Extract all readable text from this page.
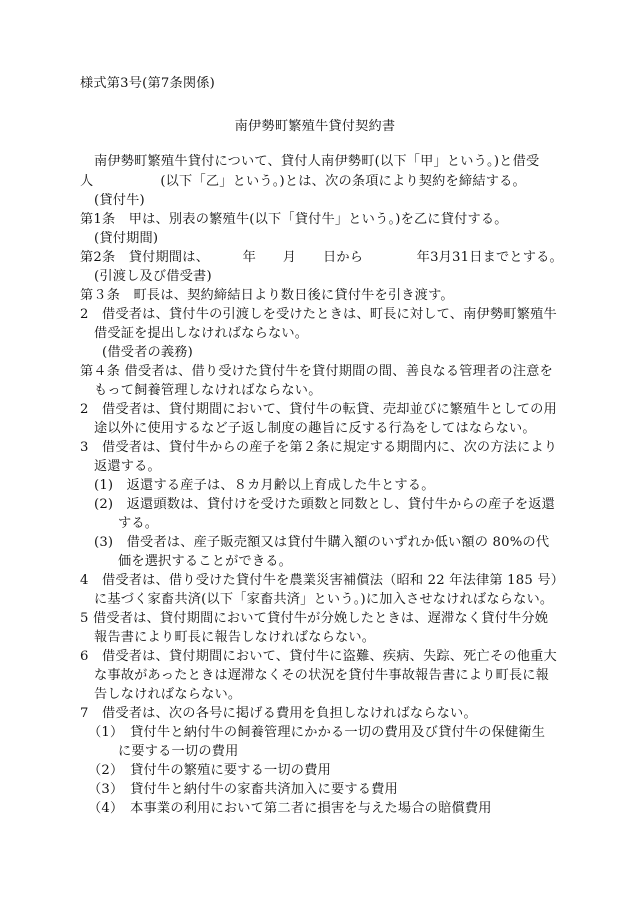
様式第3号(第7条関係)
南伊勢町繁殖牛貸付契約書
南伊勢町繁殖牛貸付について、貸付人南伊勢町(以下「甲」という。)と借受
人　　　　　(以下「乙」という。)とは、次の条項により契約を締結する。
(貸付牛)
第1条　甲は、別表の繁殖牛(以下「貸付牛」という。)を乙に貸付する。
(貸付期間)
第2条　貸付期間は、　　　年　　月　　日から　　　　年3月31日までとする。
(引渡し及び借受書)
第３条　町長は、契約締結日より数日後に貸付牛を引き渡す。
2　借受者は、貸付牛の引渡しを受けたときは、町長に対して、南伊勢町繁殖牛
借受証を提出しなければならない。
(借受者の義務)
第４条 借受者は、借り受けた貸付牛を貸付期間の間、善良なる管理者の注意を
もって飼養管理しなければならない。
2　借受者は、貸付期間において、貸付牛の転貸、売却並びに繁殖牛としての用
途以外に使用するなど子返し制度の趣旨に反する行為をしてはならない。
3　借受者は、貸付牛からの産子を第２条に規定する期間内に、次の方法により
返還する。
(1)　返還する産子は、８カ月齢以上育成した牛とする。
(2)　返還頭数は、貸付けを受けた頭数と同数とし、貸付牛からの産子を返還
する。
(3)　借受者は、産子販売額又は貸付牛購入額のいずれか低い額の 80%の代
価を選択することができる。
4　借受者は、借り受けた貸付牛を農業災害補償法（昭和 22 年法律第 185 号）
に基づく家畜共済(以下「家畜共済」という。)に加入させなければならない。
5 借受者は、貸付期間において貸付牛が分娩したときは、遅滞なく貸付牛分娩
報告書により町長に報告しなければならない。
6　借受者は、貸付期間において、貸付牛に盗難、疾病、失踪、死亡その他重大
な事故があったときは遅滞なくその状況を貸付牛事故報告書により町長に報
告しなければならない。
7　借受者は、次の各号に掲げる費用を負担しなければならない。
（1）　貸付牛と納付牛の飼養管理にかかる一切の費用及び貸付牛の保健衛生
に要する一切の費用
（2）　貸付牛の繁殖に要する一切の費用
（3）　貸付牛と納付牛の家畜共済加入に要する費用
（4）　本事業の利用において第二者に損害を与えた場合の賠償費用
